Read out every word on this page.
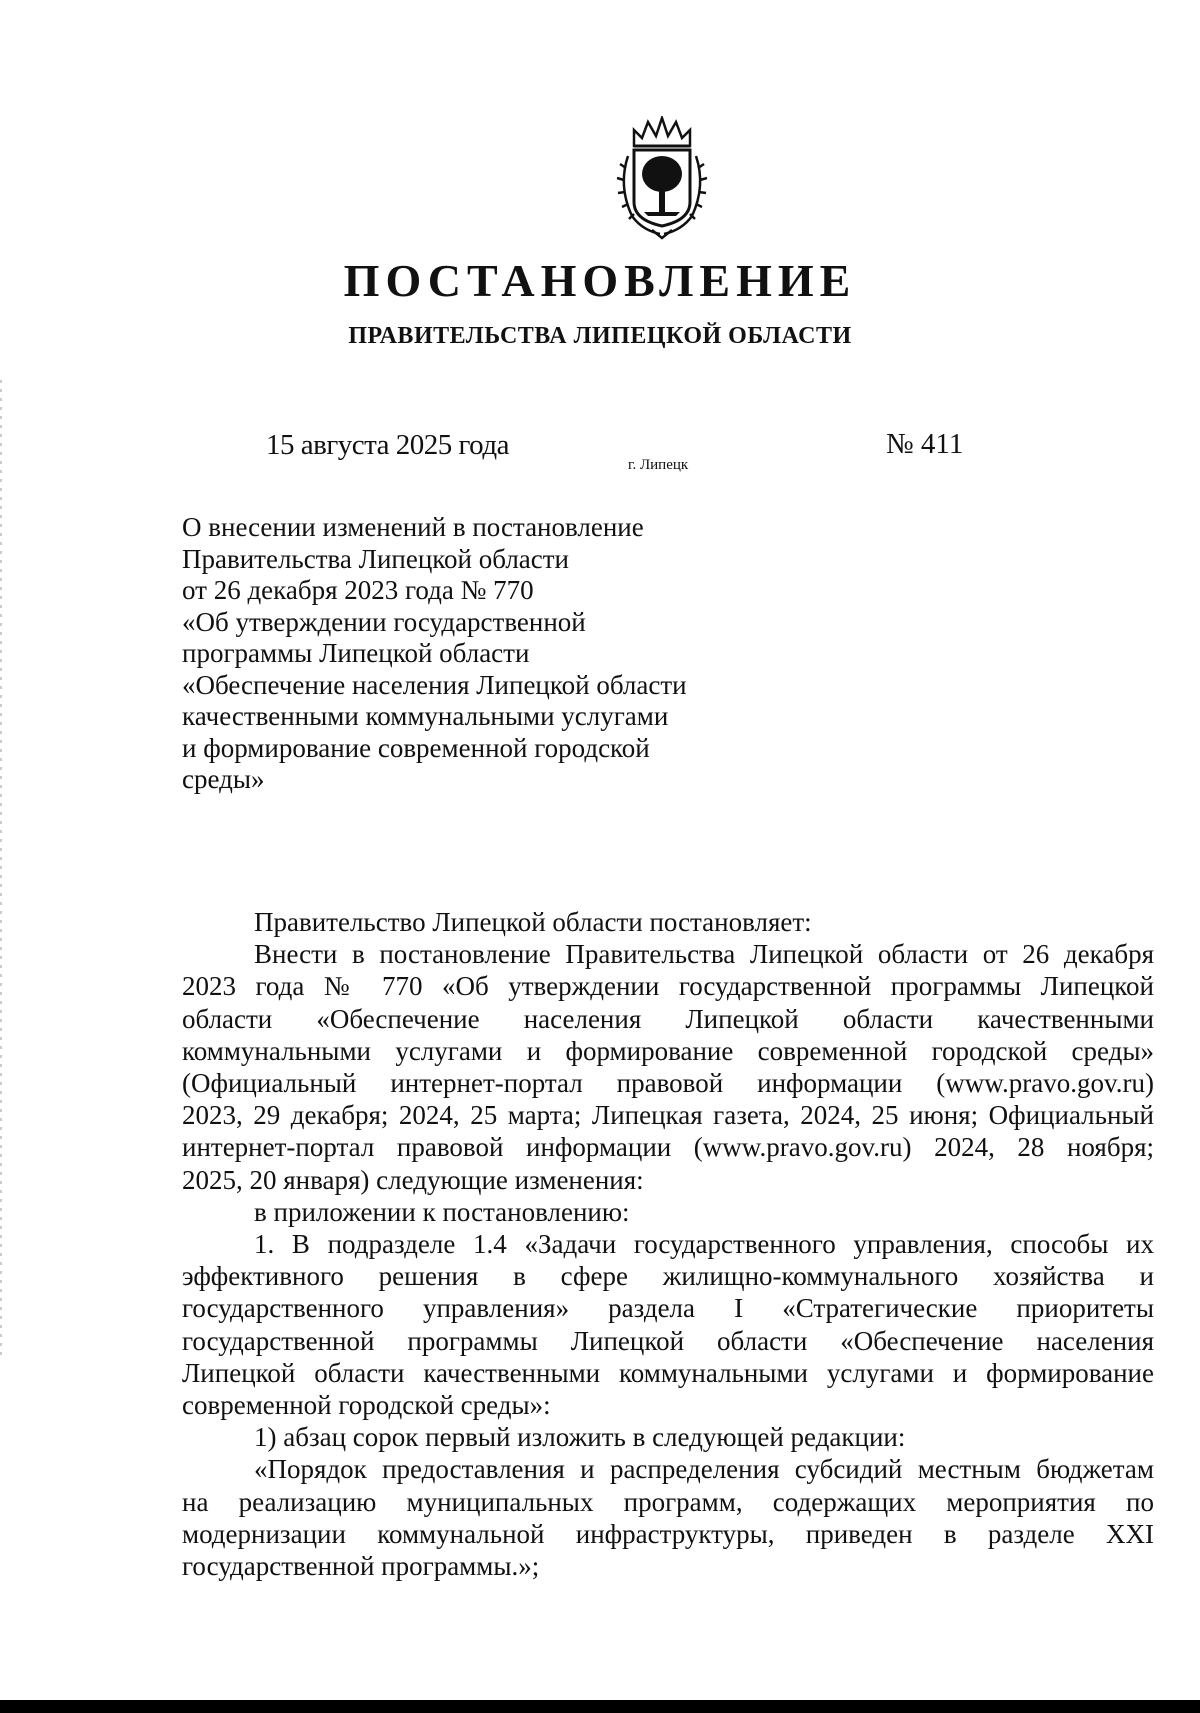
ПОСТАНОВЛЕНИЕ
ПРАВИТЕЛЬСТВА ЛИПЕЦКОЙ ОБЛАСТИ
15 августа 2025 года
г. Липецк
№ 411
О внесении изменений в постановление
Правительства Липецкой области
от 26 декабря 2023 года № 770
«Об утверждении государственной
программы Липецкой области
«Обеспечение населения Липецкой области
качественными коммунальными услугами
и формирование современной городской
среды»

Правительство Липецкой области постановляет:

Внести в постановление Правительства Липецкой области от 26 декабря
2023 года № 770 «Об утверждении государственной программы Липецкой
области «Обеспечение населения Липецкой области качественными
коммунальными услугами и формирование современной городской среды»
(Официальный интернет-портал правовой информации (www.pravo.gov.ru)
2023, 29 декабря; 2024, 25 марта; Липецкая газета, 2024, 25 июня; Официальный
интернет-портал правовой информации (www.pravo.gov.ru) 2024, 28 ноября;
2025, 20 января) следующие изменения:

в приложении к постановлению:

1. В подразделе 1.4 «Задачи государственного управления, способы их
эффективного решения в сфере жилищно-коммунального хозяйства и
государственного управления» раздела I «Стратегические приоритеты
государственной программы Липецкой области «Обеспечение населения
Липецкой области качественными коммунальными услугами и формирование
современной городской среды»:

1) абзац сорок первый изложить в следующей редакции:

«Порядок предоставления и распределения субсидий местным бюджетам
на реализацию муниципальных программ, содержащих мероприятия по
модернизации коммунальной инфраструктуры, приведен в разделе XXI
государственной программы.»;
